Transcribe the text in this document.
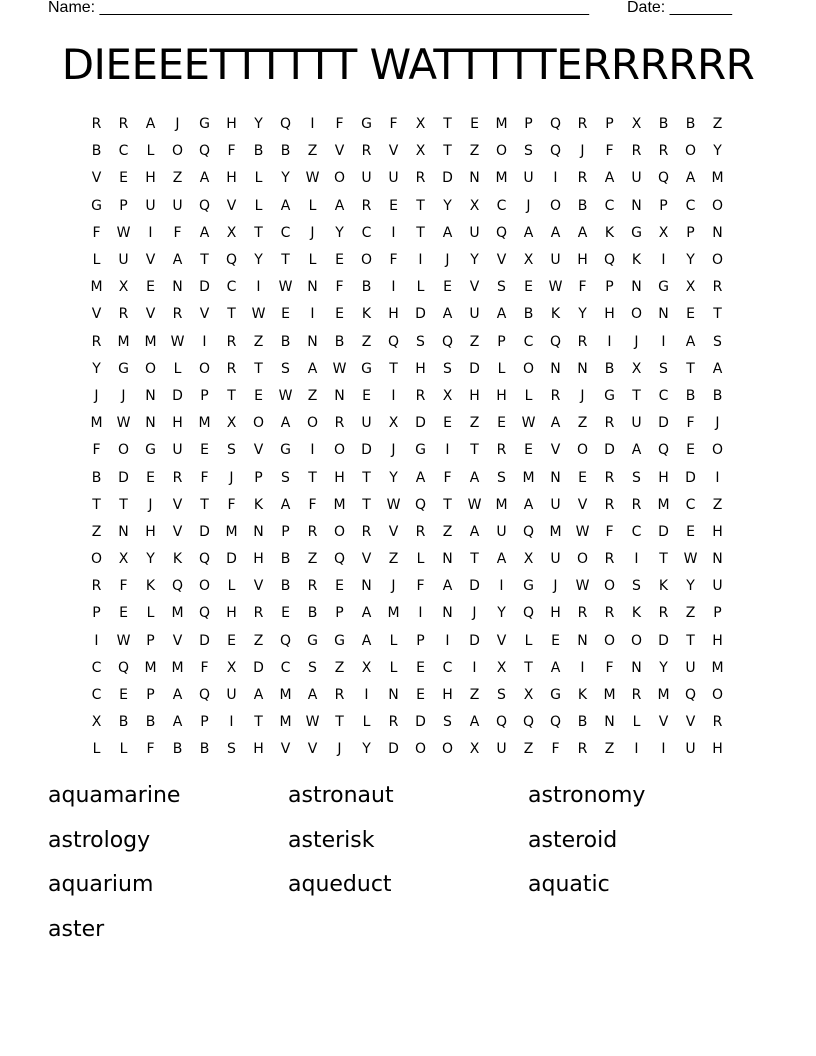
Name: _______________________________________________________ Date: _______
DIEEEETTTTTT WATTTTTERRRRRR
R	R	A	J	G	H	Y	Q	I	F	G	F	X	T	E	M	P	Q	R	P	X	B	B	Z
B	C	L	O	Q	F	B	B	Z	V	R	V	X	T	Z	O	S	Q	J	F	R	R	O	Y
V	E	H	Z	A	H	L	Y	W	O	U	U	R	D	N	M	U	I	R	A	U	Q	A	M
G	P	U	U	Q	V	L	A	L	A	R	E	T	Y	X	C	J	O	B	C	N	P	C	O
F	W	I	F	A	X	T	C	J	Y	C	I	T	A	U	Q	A	A	A	K	G	X	P	N
L	U	V	A	T	Q	Y	T	L	E	O	F	I	J	Y	V	X	U	H	Q	K	I	Y	O
M	X	E	N	D	C	I	W	N	F	B	I	L	E	V	S	E	W	F	P	N	G	X	R
V	R	V	R	V	T	W	E	I	E	K	H	D	A	U	A	B	K	Y	H	O	N	E	T
R	M	M	W	I	R	Z	B	N	B	Z	Q	S	Q	Z	P	C	Q	R	I	J	I	A	S
Y	G	O	L	O	R	T	S	A	W	G	T	H	S	D	L	O	N	N	B	X	S	T	A
J	J	N	D	P	T	E	W	Z	N	E	I	R	X	H	H	L	R	J	G	T	C	B	B
M	W	N	H	M	X	O	A	O	R	U	X	D	E	Z	E	W	A	Z	R	U	D	F	J
F	O	G	U	E	S	V	G	I	O	D	J	G	I	T	R	E	V	O	D	A	Q	E	O
B	D	E	R	F	J	P	S	T	H	T	Y	A	F	A	S	M	N	E	R	S	H	D	I
T	T	J	V	T	F	K	A	F	M	T	W	Q	T	W	M	A	U	V	R	R	M	C	Z
Z	N	H	V	D	M	N	P	R	O	R	V	R	Z	A	U	Q	M	W	F	C	D	E	H
O	X	Y	K	Q	D	H	B	Z	Q	V	Z	L	N	T	A	X	U	O	R	I	T	W	N
R	F	K	Q	O	L	V	B	R	E	N	J	F	A	D	I	G	J	W	O	S	K	Y	U
P	E	L	M	Q	H	R	E	B	P	A	M	I	N	J	Y	Q	H	R	R	K	R	Z	P
I	W	P	V	D	E	Z	Q	G	G	A	L	P	I	D	V	L	E	N	O	O	D	T	H
C	Q	M	M	F	X	D	C	S	Z	X	L	E	C	I	X	T	A	I	F	N	Y	U	M
C	E	P	A	Q	U	A	M	A	R	I	N	E	H	Z	S	X	G	K	M	R	M	Q	O
X	B	B	A	P	I	T	M	W	T	L	R	D	S	A	Q	Q	Q	B	N	L	V	V	R
L	L	F	B	B	S	H	V	V	J	Y	D	O	O	X	U	Z	F	R	Z	I	I	U	H
aquamarine	astronaut	astronomy
astrology	asterisk	asteroid
aquarium	aqueduct	aquatic
aster
